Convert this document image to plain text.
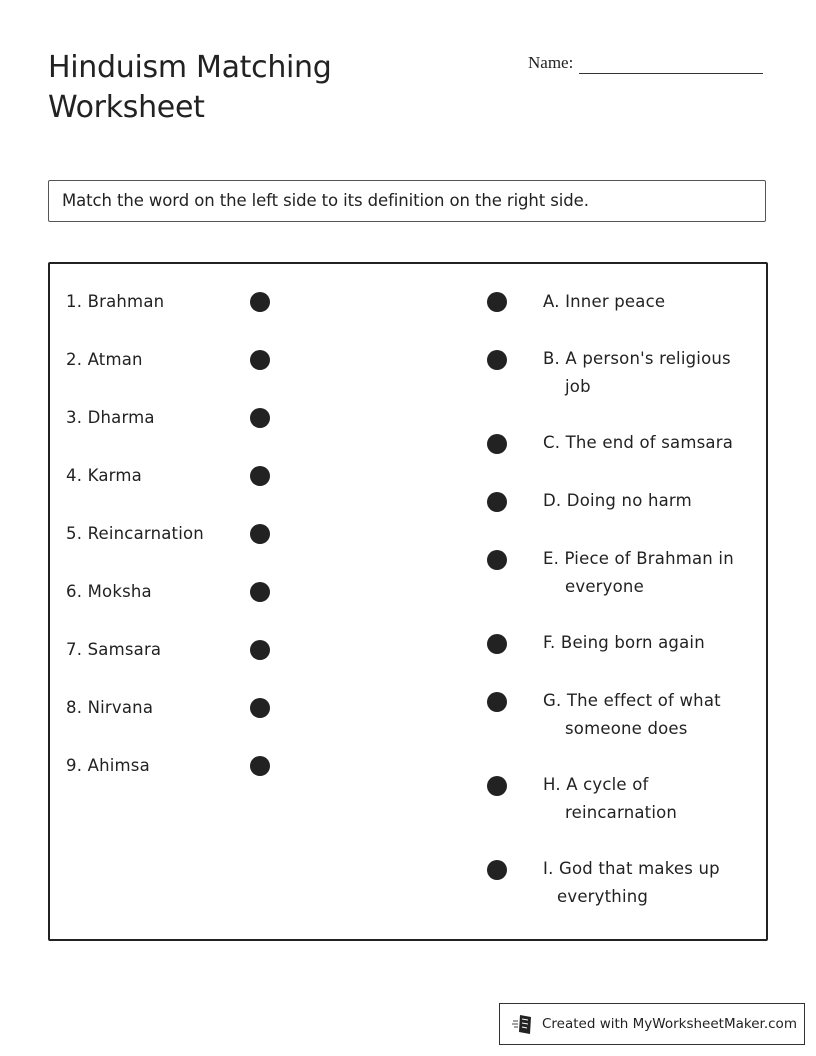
Hinduism Matching Worksheet
Name:
Match the word on the left side to its definition on the right side.
1. Brahman
2. Atman
3. Dharma
4. Karma
5. Reincarnation
6. Moksha
7. Samsara
8. Nirvana
9. Ahimsa
A. Inner peace
B. A person's religious
job
C. The end of samsara
D. Doing no harm
E. Piece of Brahman in
everyone
F. Being born again
G. The effect of what
someone does
H. A cycle of
reincarnation
I. God that makes up
everything
Created with MyWorksheetMaker.com
